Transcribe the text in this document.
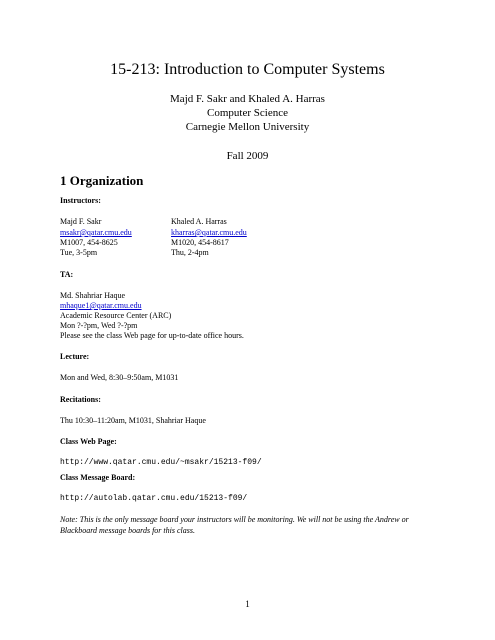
15-213: Introduction to Computer Systems
Majd F. Sakr and Khaled A. Harras
Computer Science
Carnegie Mellon University
Fall 2009
1 Organization
Instructors:
Majd F. Sakr
msakr@qatar.cmu.edu
M1007, 454-8625
Tue, 3-5pm
Khaled A. Harras
kharras@qatar.cmu.edu
M1020, 454-8617
Thu, 2-4pm
TA:
Md. Shahriar Haque
mhaque1@qatar.cmu.edu
Academic Resource Center (ARC)
Mon ?-?pm, Wed ?-?pm
Please see the class Web page for up-to-date office hours.
Lecture:
Mon and Wed, 8:30–9:50am, M1031
Recitations:
Thu 10:30–11:20am, M1031, Shahriar Haque
Class Web Page:
http://www.qatar.cmu.edu/~msakr/15213-f09/
Class Message Board:
http://autolab.qatar.cmu.edu/15213-f09/
Note: This is the only message board your instructors will be monitoring. We will not be using the Andrew or Blackboard message boards for this class.
1
